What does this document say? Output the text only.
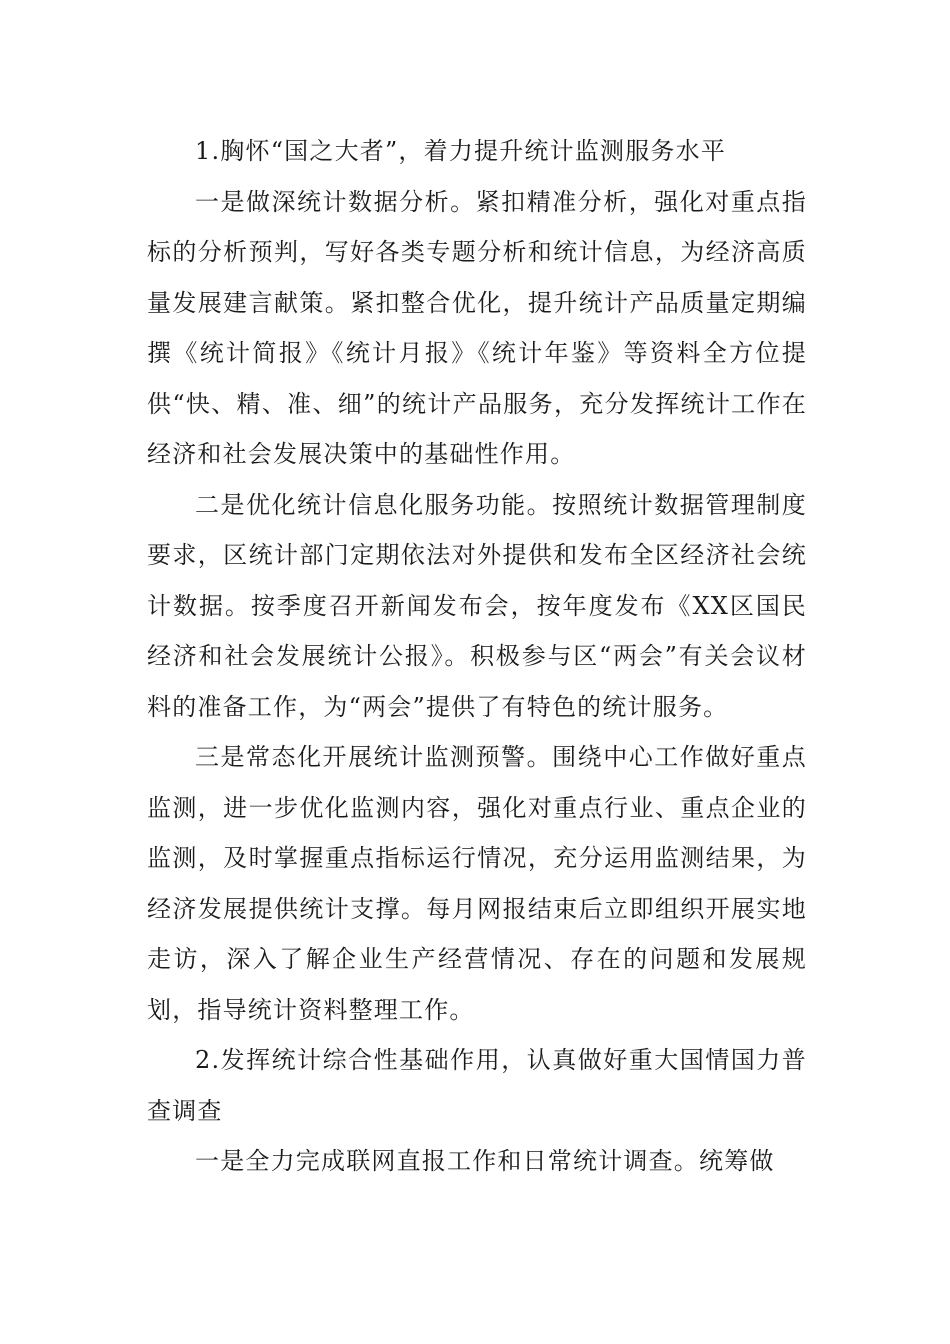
1.胸怀“国之大者”，着力提升统计监测服务水平

一是做深统计数据分析。紧扣精准分析，强化对重点指标的分析预判，写好各类专题分析和统计信息，为经济高质量发展建言献策。紧扣整合优化，提升统计产品质量定期编撰《统计简报》《统计月报》《统计年鉴》等资料全方位提供“快、精、准、细”的统计产品服务，充分发挥统计工作在经济和社会发展决策中的基础性作用。

二是优化统计信息化服务功能。按照统计数据管理制度要求，区统计部门定期依法对外提供和发布全区经济社会统计数据。按季度召开新闻发布会，按年度发布《XX区国民经济和社会发展统计公报》。积极参与区“两会”有关会议材料的准备工作，为“两会”提供了有特色的统计服务。

三是常态化开展统计监测预警。围绕中心工作做好重点监测，进一步优化监测内容，强化对重点行业、重点企业的监测，及时掌握重点指标运行情况，充分运用监测结果，为经济发展提供统计支撑。每月网报结束后立即组织开展实地走访，深入了解企业生产经营情况、存在的问题和发展规划，指导统计资料整理工作。

2.发挥统计综合性基础作用，认真做好重大国情国力普查调查

一是全力完成联网直报工作和日常统计调查。统筹做
